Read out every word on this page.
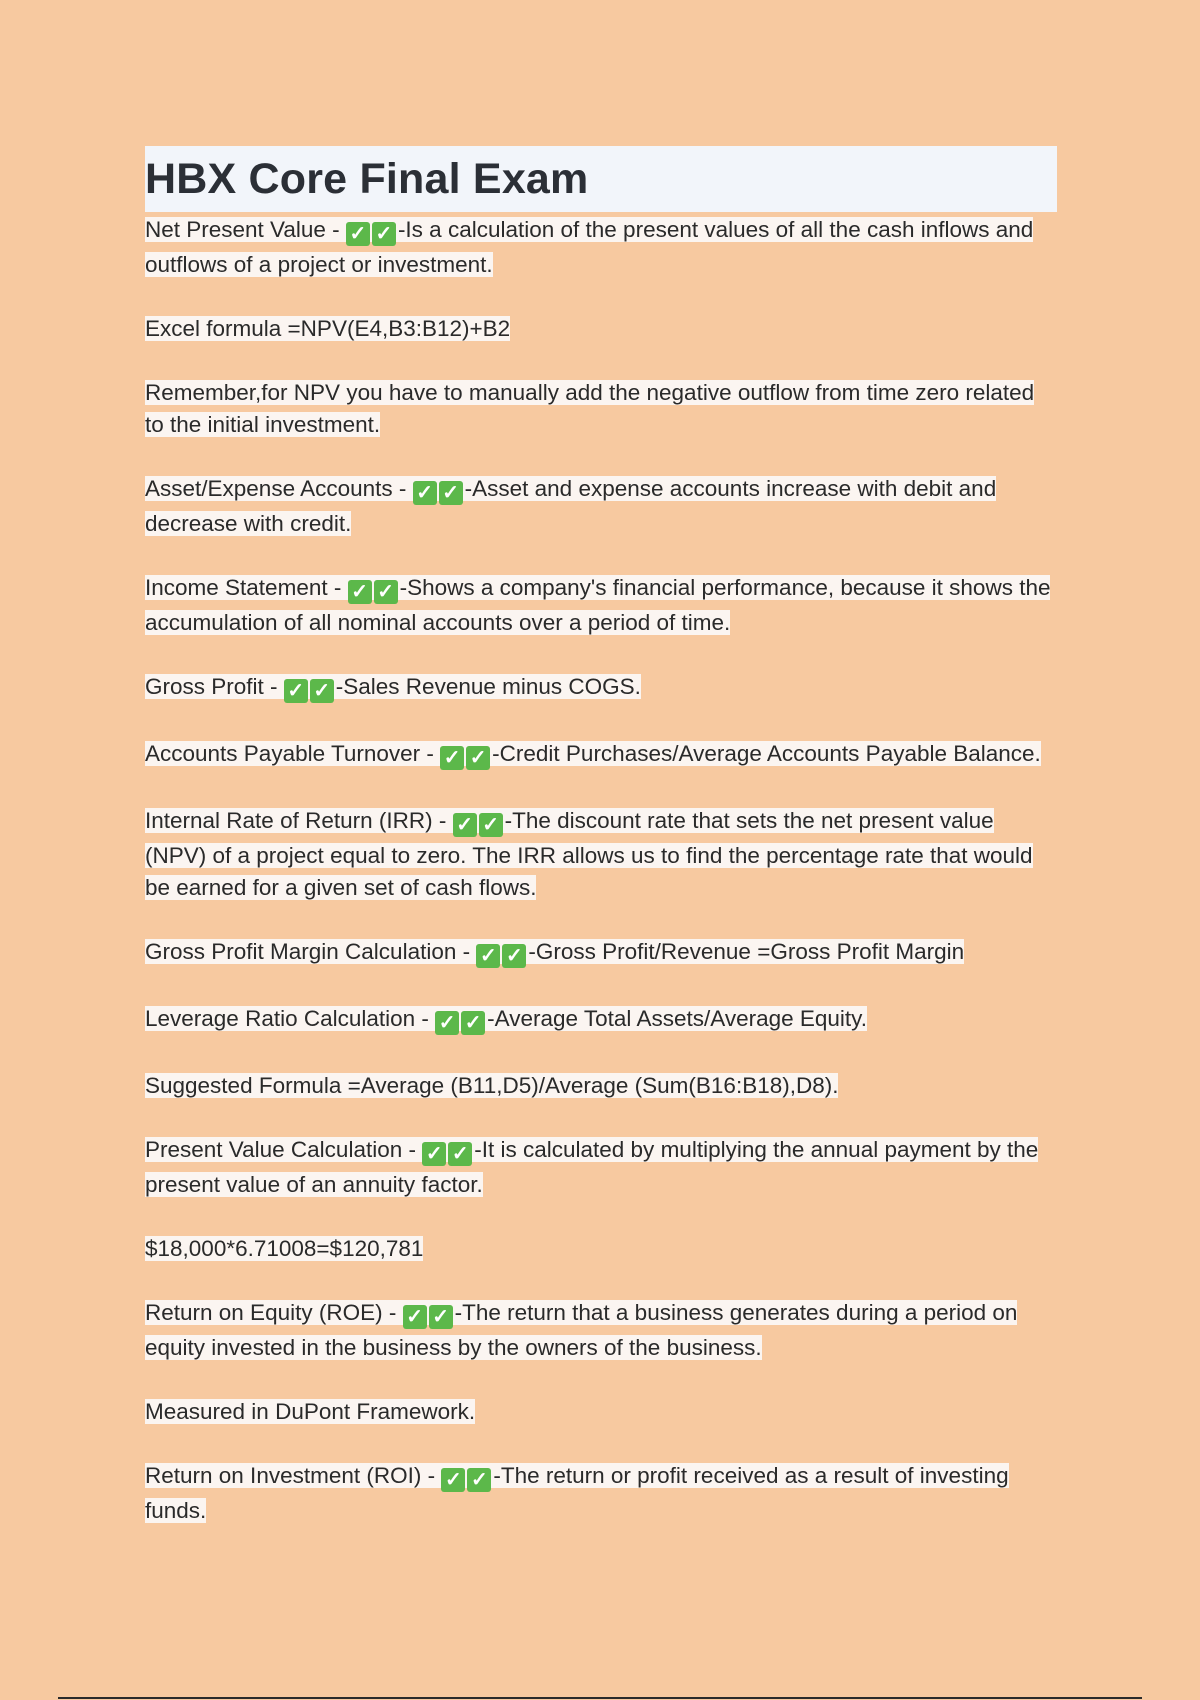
HBX Core Final Exam

Net Present Value - ✓ ✓ -Is a calculation of the present values of all the cash inflows and outflows of a project or investment.

Excel formula =NPV(E4,B3:B12)+B2

Remember,for NPV you have to manually add the negative outflow from time zero related to the initial investment.

Asset/Expense Accounts - ✓ ✓ -Asset and expense accounts increase with debit and decrease with credit.

Income Statement - ✓ ✓ -Shows a company's financial performance, because it shows the accumulation of all nominal accounts over a period of time.

Gross Profit - ✓ ✓ -Sales Revenue minus COGS.

Accounts Payable Turnover - ✓ ✓ -Credit Purchases/Average Accounts Payable Balance.

Internal Rate of Return (IRR) - ✓ ✓ -The discount rate that sets the net present value (NPV) of a project equal to zero. The IRR allows us to find the percentage rate that would be earned for a given set of cash flows.

Gross Profit Margin Calculation - ✓ ✓ -Gross Profit/Revenue =Gross Profit Margin

Leverage Ratio Calculation - ✓ ✓ -Average Total Assets/Average Equity.

Suggested Formula =Average (B11,D5)/Average (Sum(B16:B18),D8).

Present Value Calculation - ✓ ✓ -It is calculated by multiplying the annual payment by the present value of an annuity factor.

$18,000*6.71008=$120,781

Return on Equity (ROE) - ✓ ✓ -The return that a business generates during a period on equity invested in the business by the owners of the business.

Measured in DuPont Framework.

Return on Investment (ROI) - ✓ ✓ -The return or profit received as a result of investing funds.
